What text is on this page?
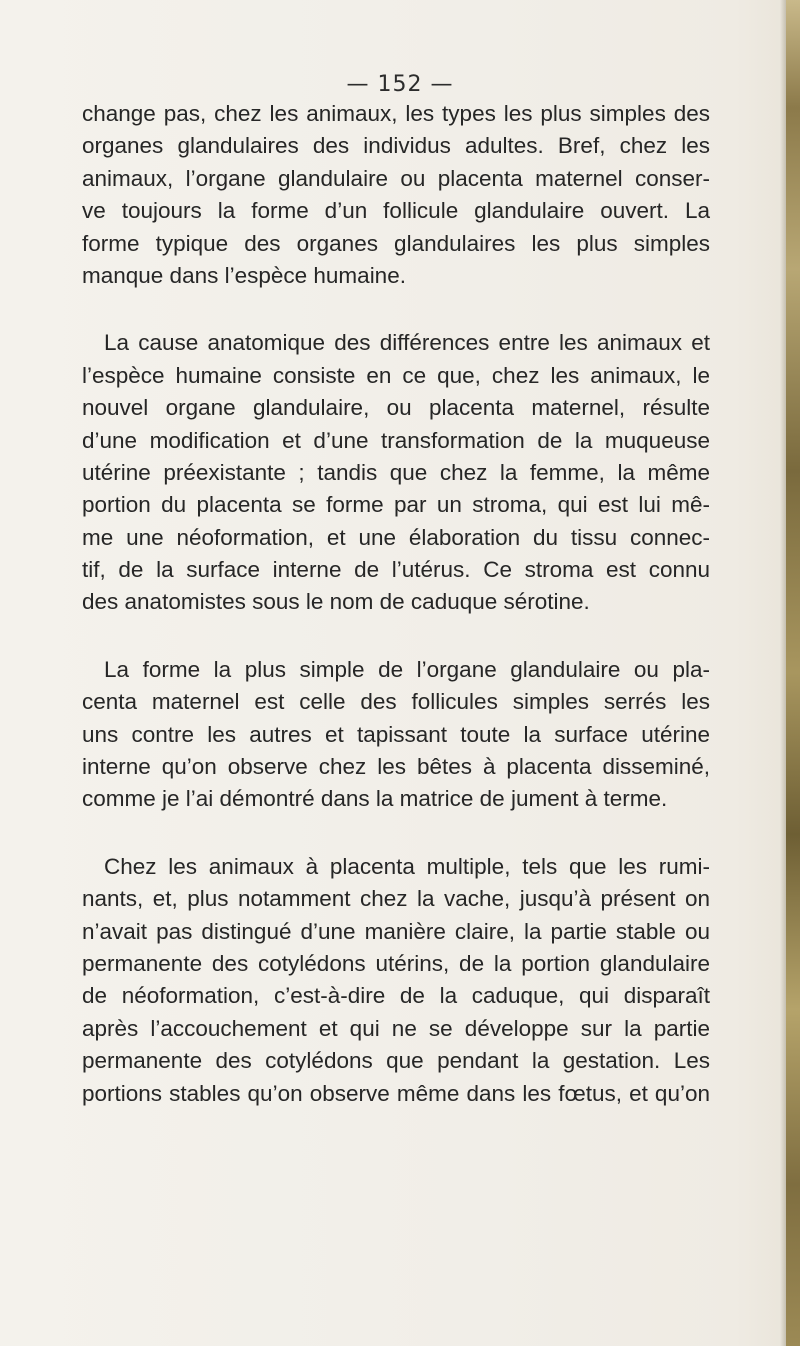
— 152 —
change pas, chez les animaux, les types les plus simples des
organes glandulaires des individus adultes. Bref, chez les
animaux, l’organe glandulaire ou placenta maternel conser-
ve toujours la forme d’un follicule glandulaire ouvert. La
forme typique des organes glandulaires les plus simples
manque dans l’espèce humaine.
La cause anatomique des différences entre les animaux et
l’espèce humaine consiste en ce que, chez les animaux, le
nouvel organe glandulaire, ou placenta maternel, résulte
d’une modification et d’une transformation de la muqueuse
utérine préexistante ; tandis que chez la femme, la même
portion du placenta se forme par un stroma, qui est lui mê-
me une néoformation, et une élaboration du tissu connec-
tif, de la surface interne de l’utérus. Ce stroma est connu
des anatomistes sous le nom de caduque sérotine.
La forme la plus simple de l’organe glandulaire ou pla-
centa maternel est celle des follicules simples serrés les
uns contre les autres et tapissant toute la surface utérine
interne qu’on observe chez les bêtes à placenta disseminé,
comme je l’ai démontré dans la matrice de jument à terme.
Chez les animaux à placenta multiple, tels que les rumi-
nants, et, plus notamment chez la vache, jusqu’à présent on
n’avait pas distingué d’une manière claire, la partie stable ou
permanente des cotylédons utérins, de la portion glandulaire
de néoformation, c’est-à-dire de la caduque, qui disparaît
après l’accouchement et qui ne se développe sur la partie
permanente des cotylédons que pendant la gestation. Les
portions stables qu’on observe même dans les fœtus, et qu’on
